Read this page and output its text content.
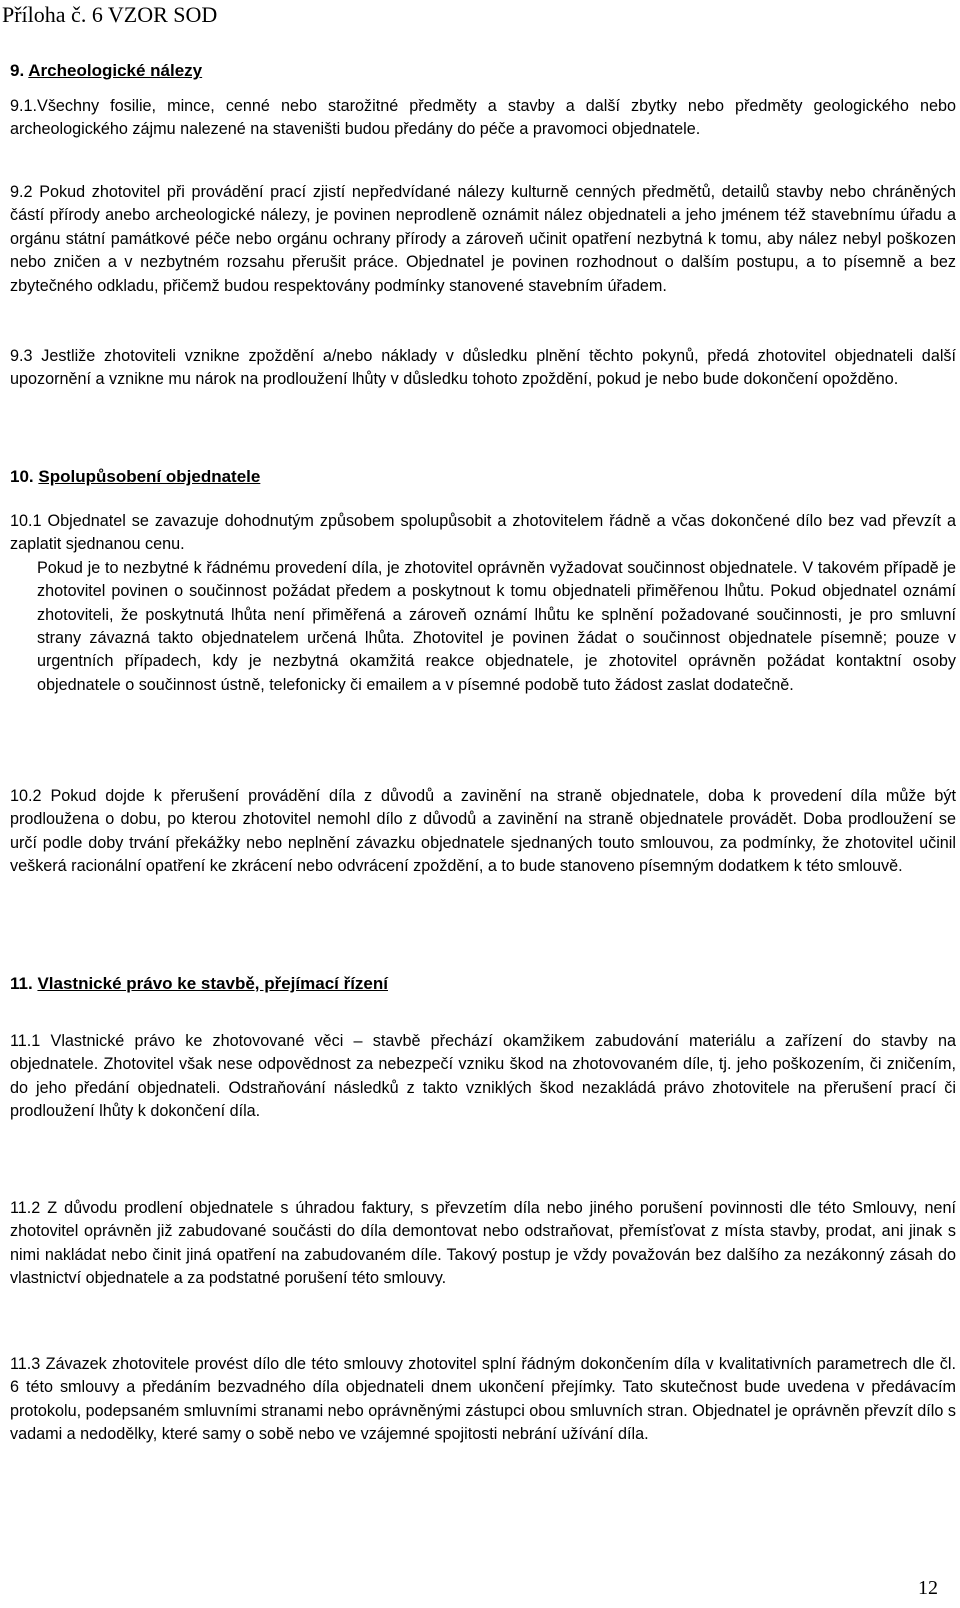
Příloha č. 6 VZOR SOD
9. Archeologické nálezy
9.1.Všechny fosilie, mince, cenné nebo starožitné předměty a stavby a další zbytky nebo předměty geologického nebo archeologického zájmu nalezené na staveništi budou předány do péče a pravomoci objednatele.
9.2 Pokud zhotovitel při provádění prací zjistí nepředvídané nálezy kulturně cenných předmětů, detailů stavby nebo chráněných částí přírody anebo archeologické nálezy, je povinen neprodleně oznámit nález objednateli a jeho jménem též stavebnímu úřadu a orgánu státní památkové péče nebo orgánu ochrany přírody a zároveň učinit opatření nezbytná k tomu, aby nález nebyl poškozen nebo zničen a v nezbytném rozsahu přerušit práce. Objednatel je povinen rozhodnout o dalším postupu, a to písemně a bez zbytečného odkladu, přičemž budou respektovány podmínky stanovené stavebním úřadem.
9.3 Jestliže zhotoviteli vznikne zpoždění a/nebo náklady v důsledku plnění těchto pokynů, předá zhotovitel objednateli další upozornění a vznikne mu nárok na prodloužení lhůty v důsledku tohoto zpoždění, pokud je nebo bude dokončení opožděno.
10. Spolupůsobení objednatele
10.1 Objednatel se zavazuje dohodnutým způsobem spolupůsobit a zhotovitelem řádně a včas dokončené dílo bez vad převzít a zaplatit sjednanou cenu.
Pokud je to nezbytné k řádnému provedení díla, je zhotovitel oprávněn vyžadovat součinnost objednatele. V takovém případě je zhotovitel povinen o součinnost požádat předem a poskytnout k tomu objednateli přiměřenou lhůtu. Pokud objednatel oznámí zhotoviteli, že poskytnutá lhůta není přiměřená a zároveň oznámí lhůtu ke splnění požadované součinnosti, je pro smluvní strany závazná takto objednatelem určená lhůta. Zhotovitel je povinen žádat o součinnost objednatele písemně; pouze v urgentních případech, kdy je nezbytná okamžitá reakce objednatele, je zhotovitel oprávněn požádat kontaktní osoby objednatele o součinnost ústně, telefonicky či emailem a v písemné podobě tuto žádost zaslat dodatečně.
10.2 Pokud dojde k přerušení provádění díla z důvodů a zavinění na straně objednatele, doba k provedení díla může být prodloužena o dobu, po kterou zhotovitel nemohl dílo z důvodů a zavinění na straně objednatele provádět. Doba prodloužení se určí podle doby trvání překážky nebo neplnění závazku objednatele sjednaných touto smlouvou, za podmínky, že zhotovitel učinil veškerá racionální opatření ke zkrácení nebo odvrácení zpoždění, a to bude stanoveno písemným dodatkem k této smlouvě.
11. Vlastnické právo ke stavbě, přejímací řízení
11.1 Vlastnické právo ke zhotovované věci – stavbě přechází okamžikem zabudování materiálu a zařízení do stavby na objednatele. Zhotovitel však nese odpovědnost za nebezpečí vzniku škod na zhotovovaném díle, tj. jeho poškozením, či zničením, do jeho předání objednateli. Odstraňování následků z takto vzniklých škod nezakládá právo zhotovitele na přerušení prací či prodloužení lhůty k dokončení díla.
11.2 Z důvodu prodlení objednatele s úhradou faktury, s převzetím díla nebo jiného porušení povinnosti dle této Smlouvy, není zhotovitel oprávněn již zabudované součásti do díla demontovat nebo odstraňovat, přemísťovat z místa stavby, prodat, ani jinak s nimi nakládat nebo činit jiná opatření na zabudovaném díle. Takový postup je vždy považován bez dalšího za nezákonný zásah do vlastnictví objednatele a za podstatné porušení této smlouvy.
11.3 Závazek zhotovitele provést dílo dle této smlouvy zhotovitel splní řádným dokončením díla v kvalitativních parametrech dle čl. 6 této smlouvy a předáním bezvadného díla objednateli dnem ukončení přejímky. Tato skutečnost bude uvedena v předávacím protokolu, podepsaném smluvními stranami nebo oprávněnými zástupci obou smluvních stran. Objednatel je oprávněn převzít dílo s vadami a nedodělky, které samy o sobě nebo ve vzájemné spojitosti nebrání užívání díla.
12
